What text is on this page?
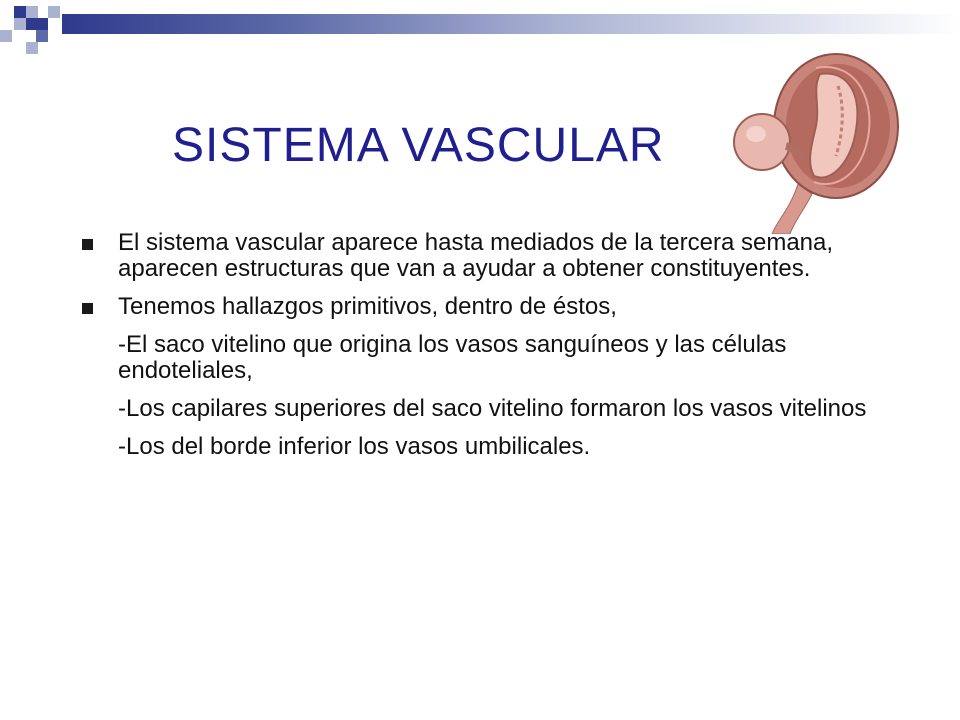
SISTEMA VASCULAR
El sistema vascular aparece hasta mediados de la tercera semana, aparecen estructuras que van a ayudar a obtener constituyentes.
Tenemos hallazgos primitivos, dentro de éstos,
-El saco vitelino que origina los vasos sanguíneos y las células endoteliales,
-Los capilares superiores del saco vitelino formaron los vasos vitelinos
-Los del borde inferior los vasos umbilicales.
